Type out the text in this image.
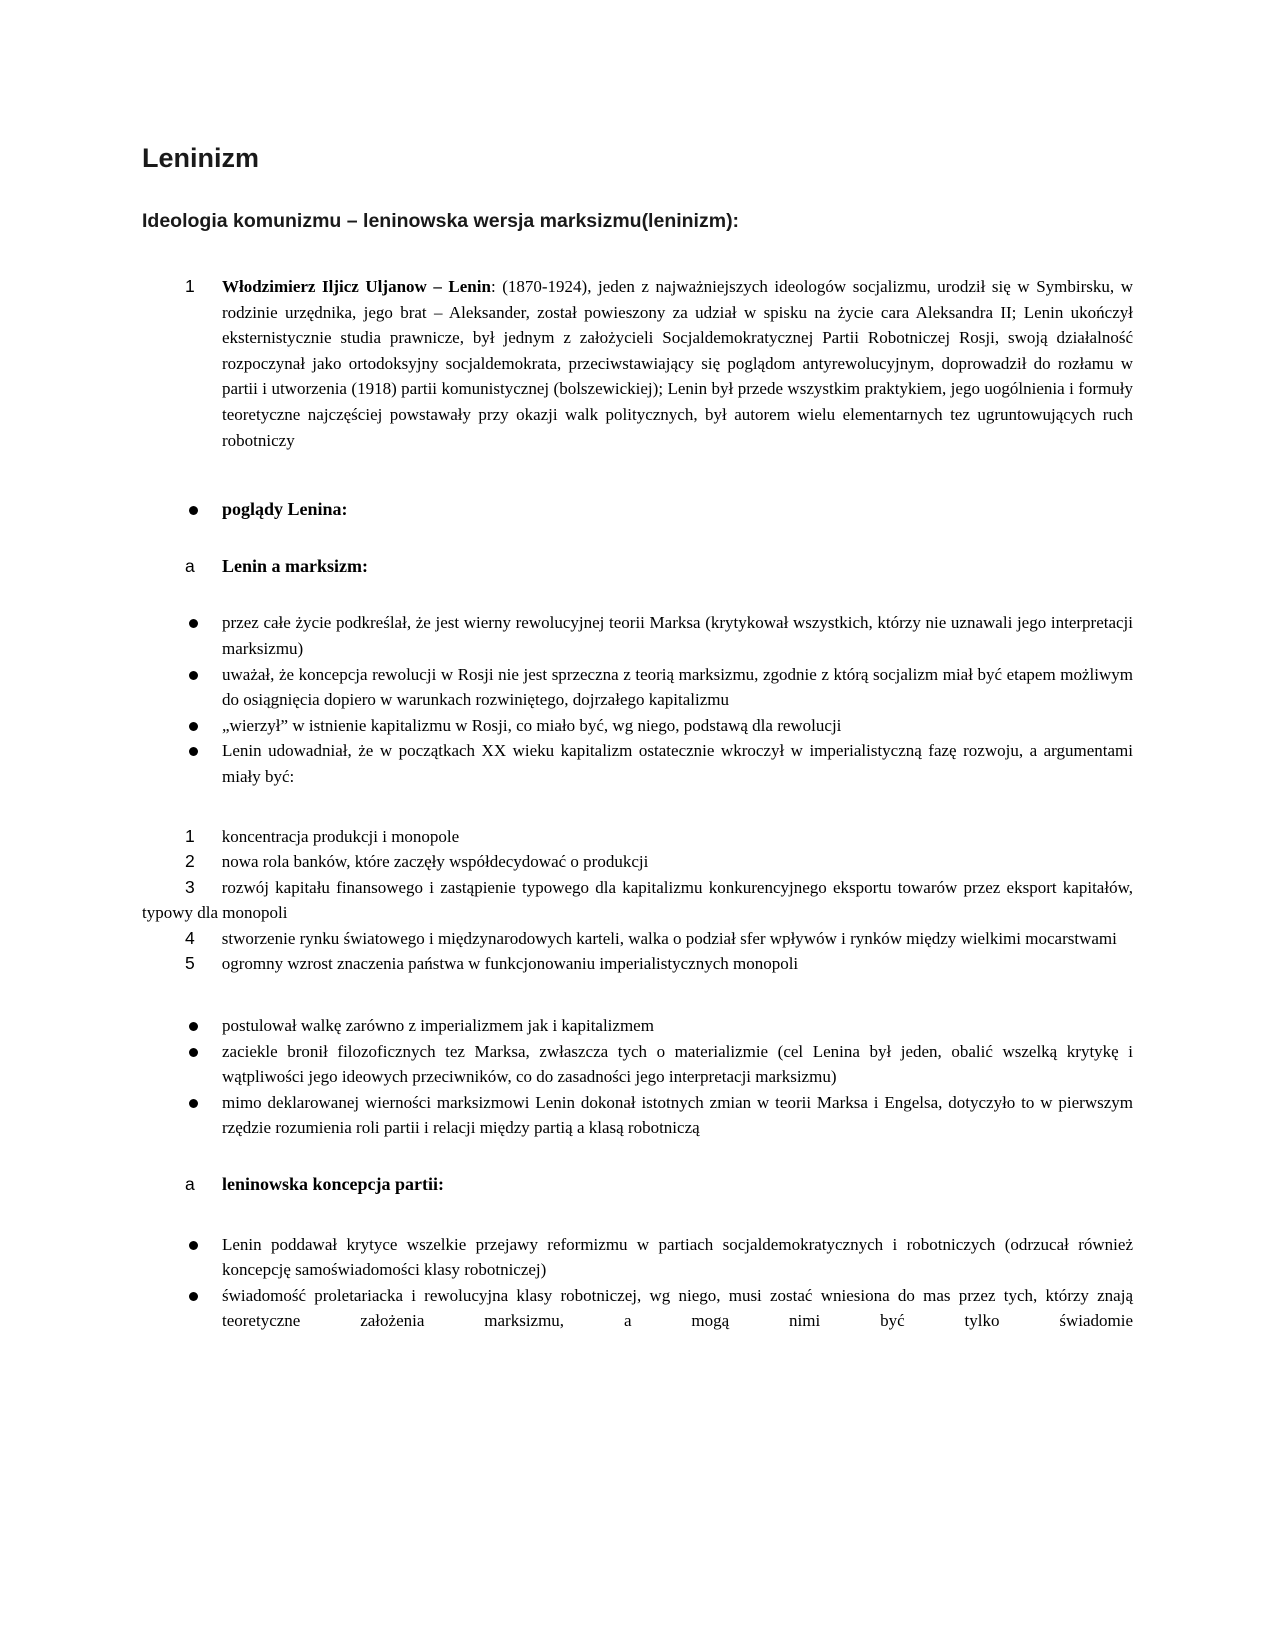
Leninizm
Ideologia komunizmu – leninowska wersja marksizmu(leninizm):
1 Włodzimierz Iljicz Uljanow – Lenin: (1870-1924), jeden z najważniejszych ideologów socjalizmu, urodził się w Symbirsku, w rodzinie urzędnika, jego brat – Aleksander, został powieszony za udział w spisku na życie cara Aleksandra II; Lenin ukończył eksternistycznie studia prawnicze, był jednym z założycieli Socjaldemokratycznej Partii Robotniczej Rosji, swoją działalność rozpoczynał jako ortodoksyjny socjaldemokrata, przeciwstawiający się poglądom antyrewolucyjnym, doprowadził do rozłamu w partii i utworzenia (1918) partii komunistycznej (bolszewickiej); Lenin był przede wszystkim praktykiem, jego uogólnienia i formuły teoretyczne najczęściej powstawały przy okazji walk politycznych, był autorem wielu elementarnych tez ugruntowujących ruch robotniczy
poglądy Lenina:
a Lenin a marksizm:
przez całe życie podkreślał, że jest wierny rewolucyjnej teorii Marksa (krytykował wszystkich, którzy nie uznawali jego interpretacji marksizmu)
uważał, że koncepcja rewolucji w Rosji nie jest sprzeczna z teorią marksizmu, zgodnie z którą socjalizm miał być etapem możliwym do osiągnięcia dopiero w warunkach rozwiniętego, dojrzałego kapitalizmu
„wierzył” w istnienie kapitalizmu w Rosji, co miało być, wg niego, podstawą dla rewolucji
Lenin udowadniał, że w początkach XX wieku kapitalizm ostatecznie wkroczył w imperialistyczną fazę rozwoju, a argumentami miały być:
1 koncentracja produkcji i monopole
2 nowa rola banków, które zaczęły współdecydować o produkcji
3 rozwój kapitału finansowego i zastąpienie typowego dla kapitalizmu konkurencyjnego eksportu towarów przez eksport kapitałów, typowy dla monopoli
4 stworzenie rynku światowego i międzynarodowych karteli, walka o podział sfer wpływów i rynków między wielkimi mocarstwami
5 ogromny wzrost znaczenia państwa w funkcjonowaniu imperialistycznych monopoli
postulował walkę zarówno z imperializmem jak i kapitalizmem
zaciekle bronił filozoficznych tez Marksa, zwłaszcza tych o materializmie (cel Lenina był jeden, obalić wszelką krytykę i wątpliwości jego ideowych przeciwników, co do zasadności jego interpretacji marksizmu)
mimo deklarowanej wierności marksizmowi Lenin dokonał istotnych zmian w teorii Marksa i Engelsa, dotyczyło to w pierwszym rzędzie rozumienia roli partii i relacji między partią a klasą robotniczą
a leninowska koncepcja partii:
Lenin poddawał krytyce wszelkie przejawy reformizmu w partiach socjaldemokratycznych i robotniczych (odrzucał również koncepcję samoświadomości klasy robotniczej)
świadomość proletariacka i rewolucyjna klasy robotniczej, wg niego, musi zostać wniesiona do mas przez tych, którzy znają teoretyczne założenia marksizmu, a mogą nimi być tylko świadomie
